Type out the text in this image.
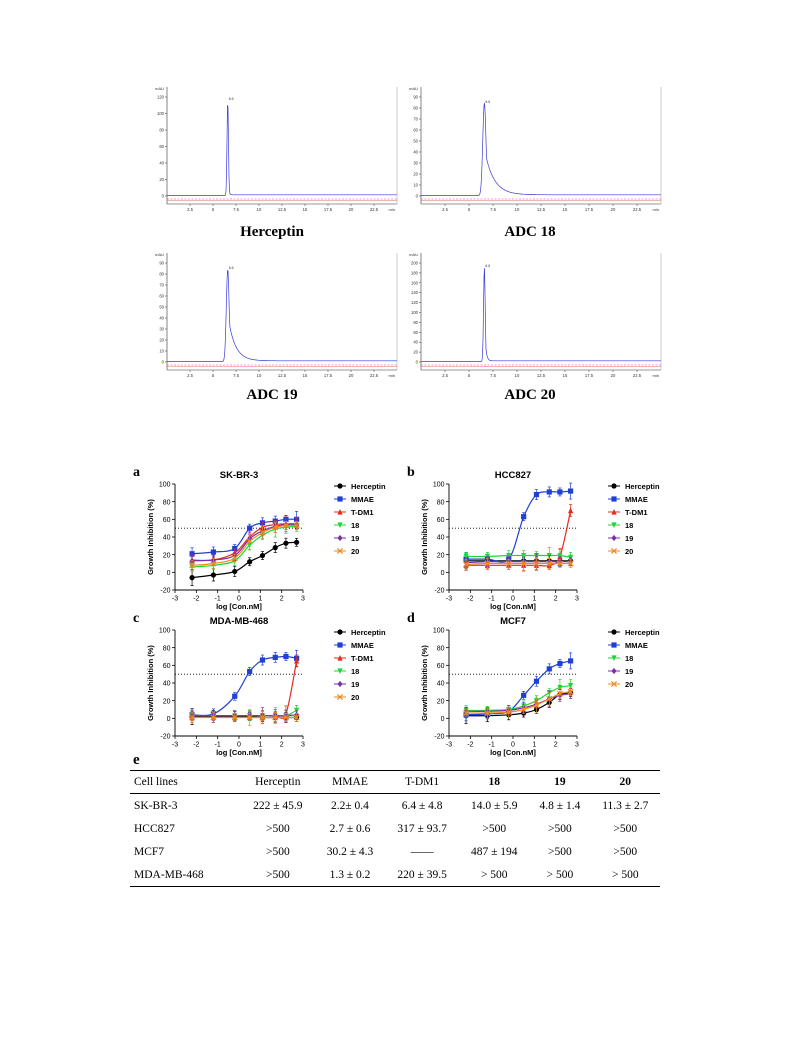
0
20
40
60
80
100
120
mAU
2.5	5	7.5	10	12.5	15	17.5	20	22.5	min
6.6
Herceptin
0
10
20
30
40
50
60
70
80
90
mAU
2.5	5	7.5	10	12.5	15	17.5	20	22.5	min
6.6
ADC 18
0
10
20
30
40
50
60
70
80
90
mAU
2.5	5	7.5	10	12.5	15	17.5	20	22.5	min
6.6
ADC 19
0
20
40
60
80
100
120
140
160
180
200
mAU
2.5	5	7.5	10	12.5	15	17.5	20	22.5	min
6.6
ADC 20
a	SK-BR-3
-20
0
20
40
60
80
100
-3 -2 -1 0 1 2 3
log [Con.nM]
Growth Inhibition (%)
Herceptin
MMAE
T-DM1
18
19
20
b	HCC827
-20
0
20
40
60
80
100
-3 -2 -1 0 1 2 3
log [Con.nM]
Growth Inhibition (%)
Herceptin
MMAE
T-DM1
18
19
20
c	MDA-MB-468
-20
0
20
40
60
80
100
-3 -2 -1 0 1 2 3
log [Con.nM]
Growth Inhibition (%)
Herceptin
MMAE
T-DM1
18
19
20
d	MCF7
-20
0
20
40
60
80
100
-3 -2 -1 0 1 2 3
log [Con.nM]
Growth Inhibition (%)
Herceptin
MMAE
18
19
20
e
Cell lines	Herceptin	MMAE	T-DM1	18	19	20
SK-BR-3	222 ± 45.9	2.2± 0.4	6.4 ± 4.8	14.0 ± 5.9	4.8 ± 1.4	11.3 ± 2.7
HCC827	>500	2.7 ± 0.6	317 ± 93.7	>500	>500	>500
MCF7	>500	30.2 ± 4.3	——	487 ± 194	>500	>500
MDA-MB-468	>500	1.3 ± 0.2	220 ± 39.5	> 500	> 500	> 500
